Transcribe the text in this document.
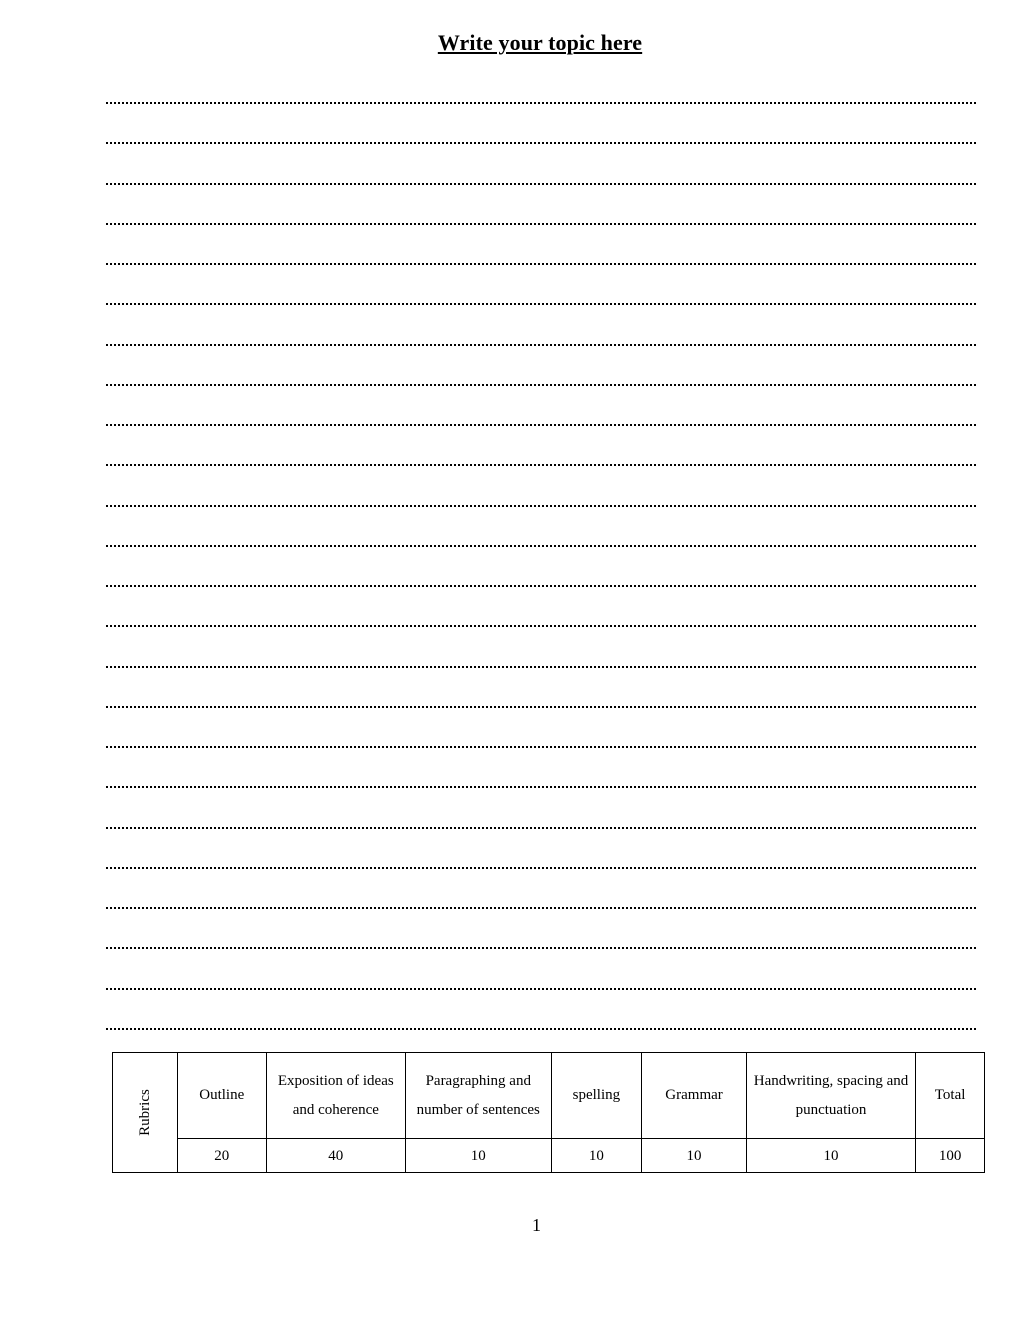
Write your topic here
Rubrics	Outline	Exposition of ideas and coherence	Paragraphing and number of sentences	spelling	Grammar	Handwriting, spacing and punctuation	Total
	20	40	10	10	10	10	100
1
